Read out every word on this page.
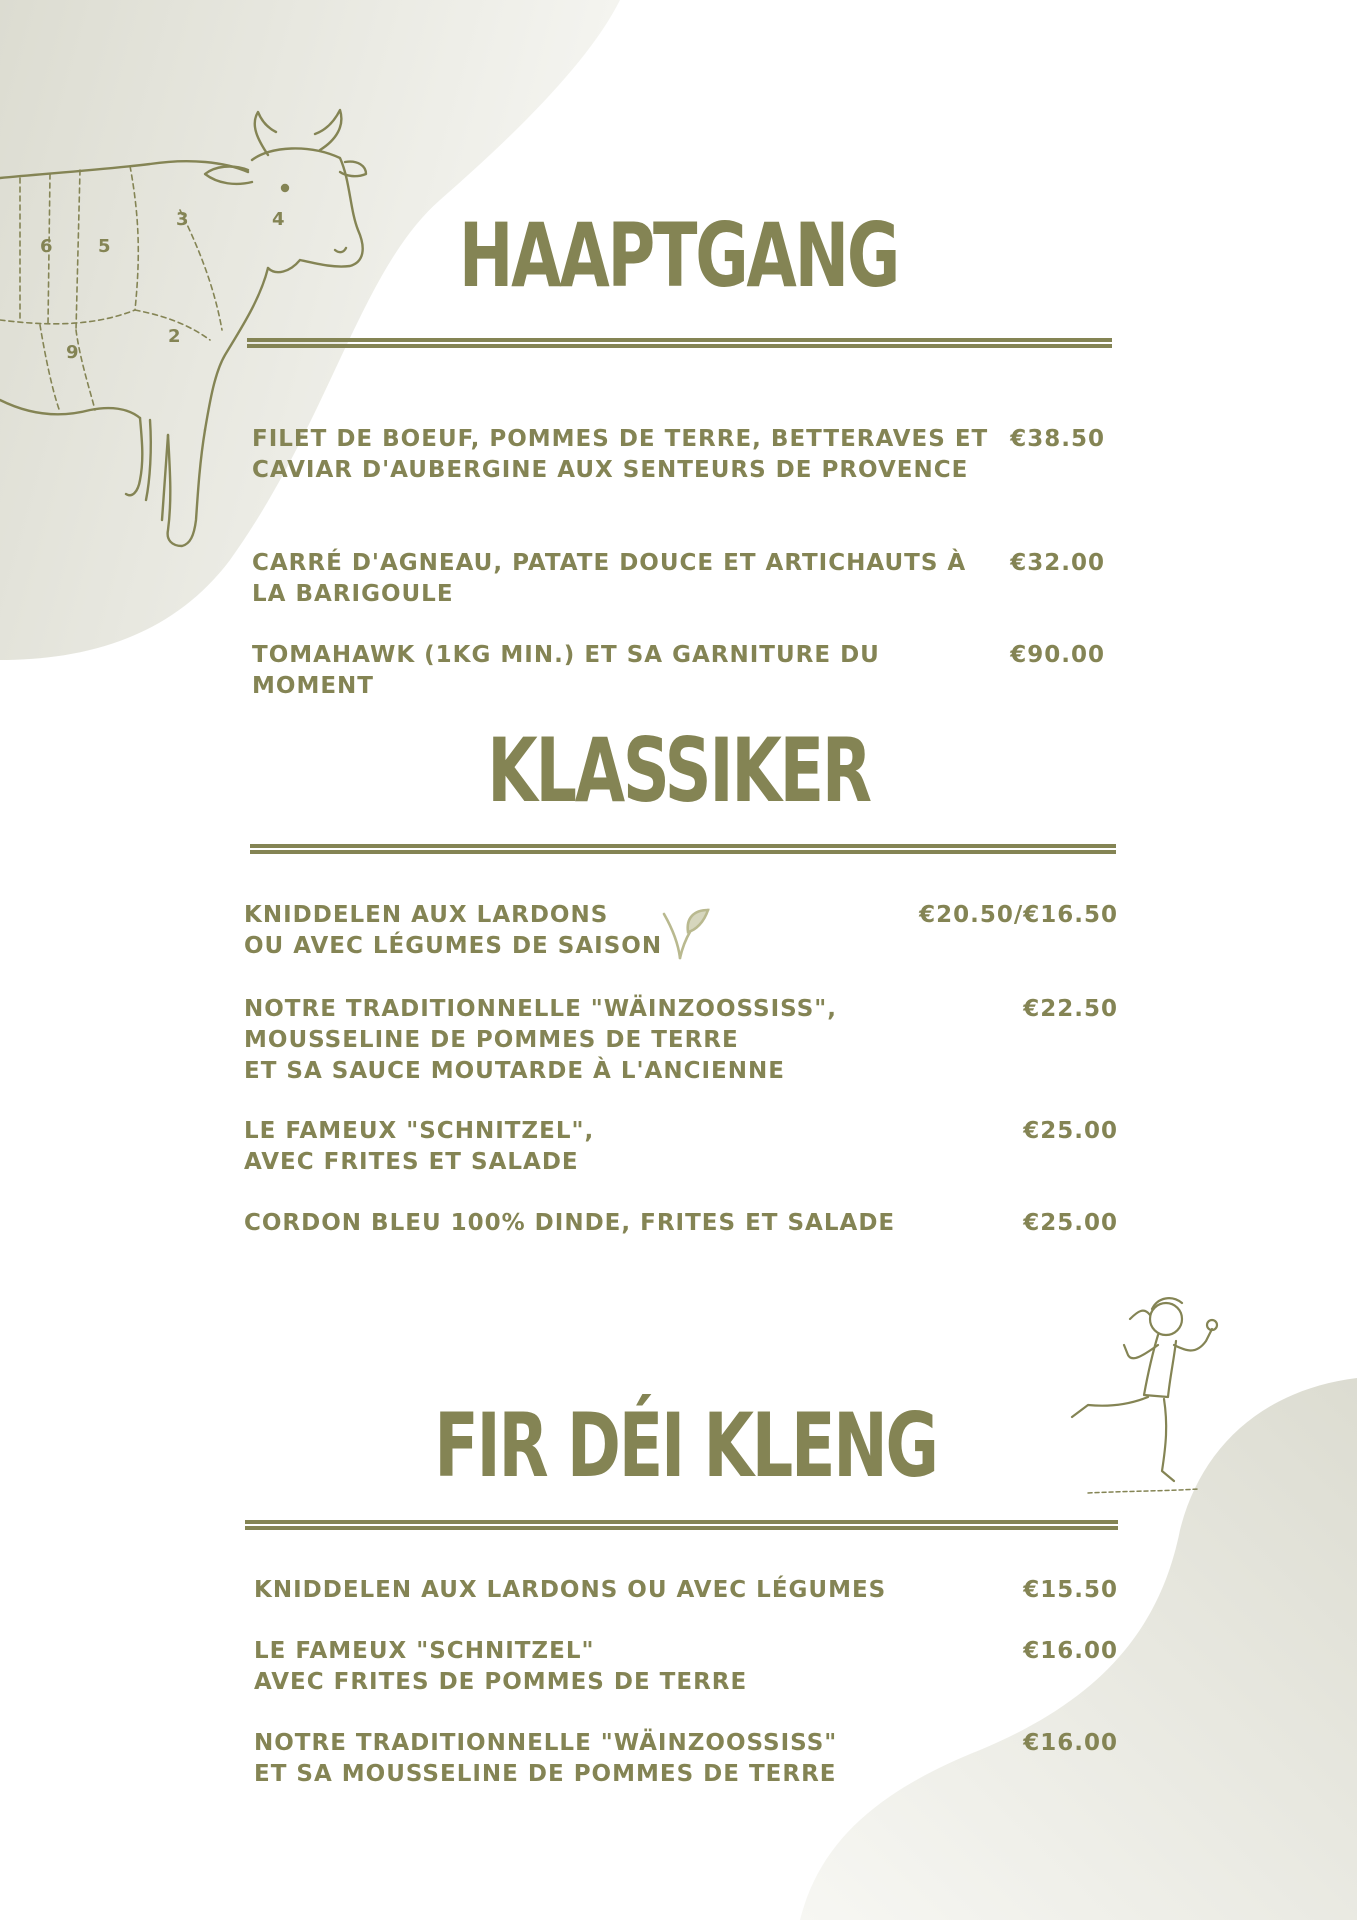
6	5
3	4
9
2
HAAPTGANG
FILET DE BOEUF, POMMES DE TERRE, BETTERAVES ET
CAVIAR D'AUBERGINE AUX SENTEURS DE PROVENCE
€38.50
CARRÉ D'AGNEAU, PATATE DOUCE ET ARTICHAUTS À
LA BARIGOULE
€32.00
TOMAHAWK (1KG MIN.) ET SA GARNITURE DU
MOMENT
€90.00
KLASSIKER
KNIDDELEN AUX LARDONS
OU AVEC LÉGUMES DE SAISON
€20.50/€16.50
NOTRE TRADITIONNELLE "WÄINZOOSSISS",
MOUSSELINE DE POMMES DE TERRE
ET SA SAUCE MOUTARDE À L'ANCIENNE
€22.50
LE FAMEUX "SCHNITZEL",
AVEC FRITES ET SALADE
€25.00
CORDON BLEU 100% DINDE, FRITES ET SALADE	€25.00
FIR DÉI KLENG
KNIDDELEN AUX LARDONS OU AVEC LÉGUMES	€15.50
LE FAMEUX "SCHNITZEL"
AVEC FRITES DE POMMES DE TERRE
€16.00
NOTRE TRADITIONNELLE "WÄINZOOSSISS"
ET SA MOUSSELINE DE POMMES DE TERRE
€16.00
